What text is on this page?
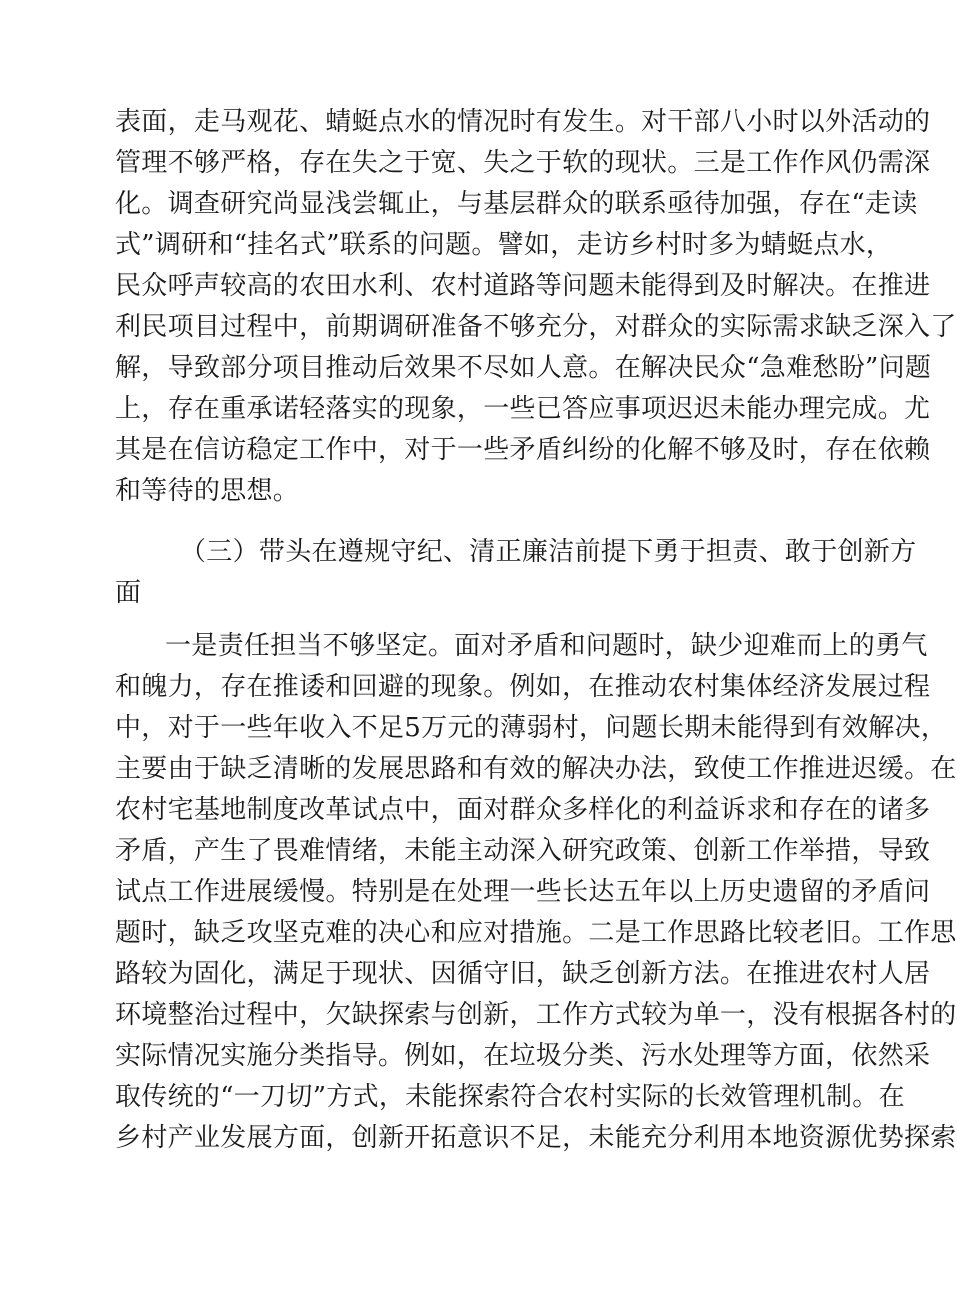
表面，走马观花、蜻蜓点水的情况时有发生。对干部八小时以外活动的
管理不够严格，存在失之于宽、失之于软的现状。三是工作作风仍需深
化。调查研究尚显浅尝辄止，与基层群众的联系亟待加强，存在“走读
式”调研和“挂名式”联系的问题。譬如，走访乡村时多为蜻蜓点水，
民众呼声较高的农田水利、农村道路等问题未能得到及时解决。在推进
利民项目过程中，前期调研准备不够充分，对群众的实际需求缺乏深入了
解，导致部分项目推动后效果不尽如人意。在解决民众“急难愁盼”问题
上，存在重承诺轻落实的现象，一些已答应事项迟迟未能办理完成。尤
其是在信访稳定工作中，对于一些矛盾纠纷的化解不够及时，存在依赖
和等待的思想。
（三）带头在遵规守纪、清正廉洁前提下勇于担责、敢于创新方
面
一是责任担当不够坚定。面对矛盾和问题时，缺少迎难而上的勇气
和魄力，存在推诿和回避的现象。例如，在推动农村集体经济发展过程
中，对于一些年收入不足5万元的薄弱村，问题长期未能得到有效解决，
主要由于缺乏清晰的发展思路和有效的解决办法，致使工作推进迟缓。在
农村宅基地制度改革试点中，面对群众多样化的利益诉求和存在的诸多
矛盾，产生了畏难情绪，未能主动深入研究政策、创新工作举措，导致
试点工作进展缓慢。特别是在处理一些长达五年以上历史遗留的矛盾问
题时，缺乏攻坚克难的决心和应对措施。二是工作思路比较老旧。工作思
路较为固化，满足于现状、因循守旧，缺乏创新方法。在推进农村人居
环境整治过程中，欠缺探索与创新，工作方式较为单一，没有根据各村的
实际情况实施分类指导。例如，在垃圾分类、污水处理等方面，依然采
取传统的“一刀切”方式，未能探索符合农村实际的长效管理机制。在
乡村产业发展方面，创新开拓意识不足，未能充分利用本地资源优势探索
